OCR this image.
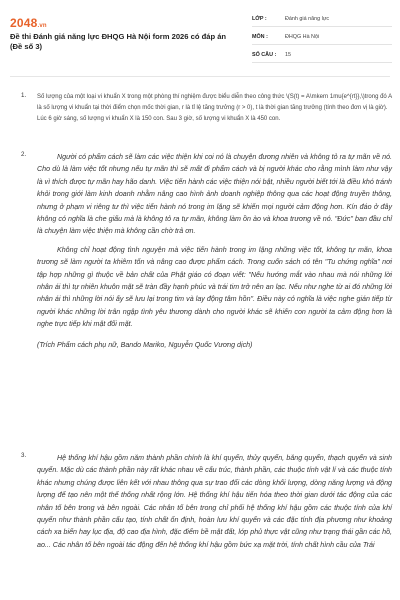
2048.vn
Đề thi Đánh giá năng lực ĐHQG Hà Nội form 2026 có đáp án (Đề số 3)
LỚP :	Đánh giá năng lực
MÔN :	ĐHQG Hà Nội
SỐ CÂU :	15
1. Số lượng của một loại vi khuẩn X trong một phòng thí nghiệm được biểu diễn theo công thức \(S(t) = A\mkern 1mu{e^{rt}},\)trong đó A là số lượng vi khuẩn tại thời điểm chọn mốc thời gian, r là tỉ lệ tăng trưởng (r > 0), t là thời gian tăng trưởng (tính theo đơn vị là giờ). Lúc 6 giờ sáng, số lượng vi khuẩn X là 150 con. Sau 3 giờ, số lượng vi khuẩn X là 450 con.
2.	Người có phẩm cách sẽ làm các việc thiện khi coi nó là chuyện đương nhiên và không tỏ ra tự mãn về nó. Cho dù là làm việc tốt nhưng nếu tự mãn thì sẽ mất đi phẩm cách và bị người khác cho rằng mình làm như vậy là vì thích được tự mãn hay hão danh. Việc tiến hành các việc thiện nói bật, nhiều người biết tới là điều khó tránh khỏi trong giới làm kinh doanh nhằm nâng cao hình ảnh doanh nghiệp thông qua các hoạt động truyền thông, nhưng ở phạm vi riêng tư thì việc tiến hành nó trong im lặng sẽ khiến mọi người cảm động hơn. Kín đáo ở đây không có nghĩa là che giấu mà là không tỏ ra tự mãn, không làm ồn ào và khoa trương về nó. "Đức" ban đầu chỉ là chuyện làm việc thiện mà không cần chờ trả ơn.

Không chỉ hoạt động tình nguyện mà việc tiến hành trong im lặng những việc tốt, không tự mãn, khoa trương sẽ làm người ta khiêm tốn và nâng cao được phẩm cách. Trong cuốn sách có tên "Tu chứng nghĩa" nơi tập hợp những gì thuộc về bản chất của Phật giáo có đoạn viết: "Nếu hướng mắt vào nhau mà nói những lời nhân ái thì tự nhiên khuôn mặt sẽ tràn đầy hạnh phúc và trái tim trở nên an lạc. Nếu như nghe từ ai đó những lời nhân ái thì những lời nói ấy sẽ lưu lại trong tim và lay động tâm hồn". Điều này có nghĩa là việc nghe gián tiếp từ người khác những lời trân ngập tình yêu thương dành cho người khác sẽ khiến con người ta cảm động hơn là nghe trực tiếp khi mặt đối mặt.

(Trích Phẩm cách phụ nữ, Bando Mariko, Nguyễn Quốc Vương dịch)

3.	Hệ thống khí hậu gồm năm thành phần chính là khí quyển, thủy quyển, băng quyển, thạch quyển và sinh quyển. Mặc dù các thành phần này rất khác nhau về cấu trúc, thành phần, các thuộc tính vật lí và các thuộc tính khác nhưng chúng được liên kết với nhau thông qua sự trao đổi các dòng khối lượng, dòng năng lượng và động lượng để tạo nên một thể thống nhất rộng lớn. Hệ thống khí hậu tiến hóa theo thời gian dưới tác động của các nhân tố bên trong và bên ngoài. Các nhân tố bên trong chỉ phối hệ thống khí hậu gồm các thuộc tính của khí quyển như thành phần cấu tạo, tính chất ổn định, hoàn lưu khí quyển và các đặc tính địa phương như khoảng cách xa biển hay lục địa, độ cao địa hình, đặc điểm bề mặt đất, lớp phủ thực vật cũng như trạng thái gần các hồ, ao... Các nhân tố bên ngoài tác động đến hệ thống khí hậu gồm bức xạ mặt trời, tính chất hình cầu của Trái
